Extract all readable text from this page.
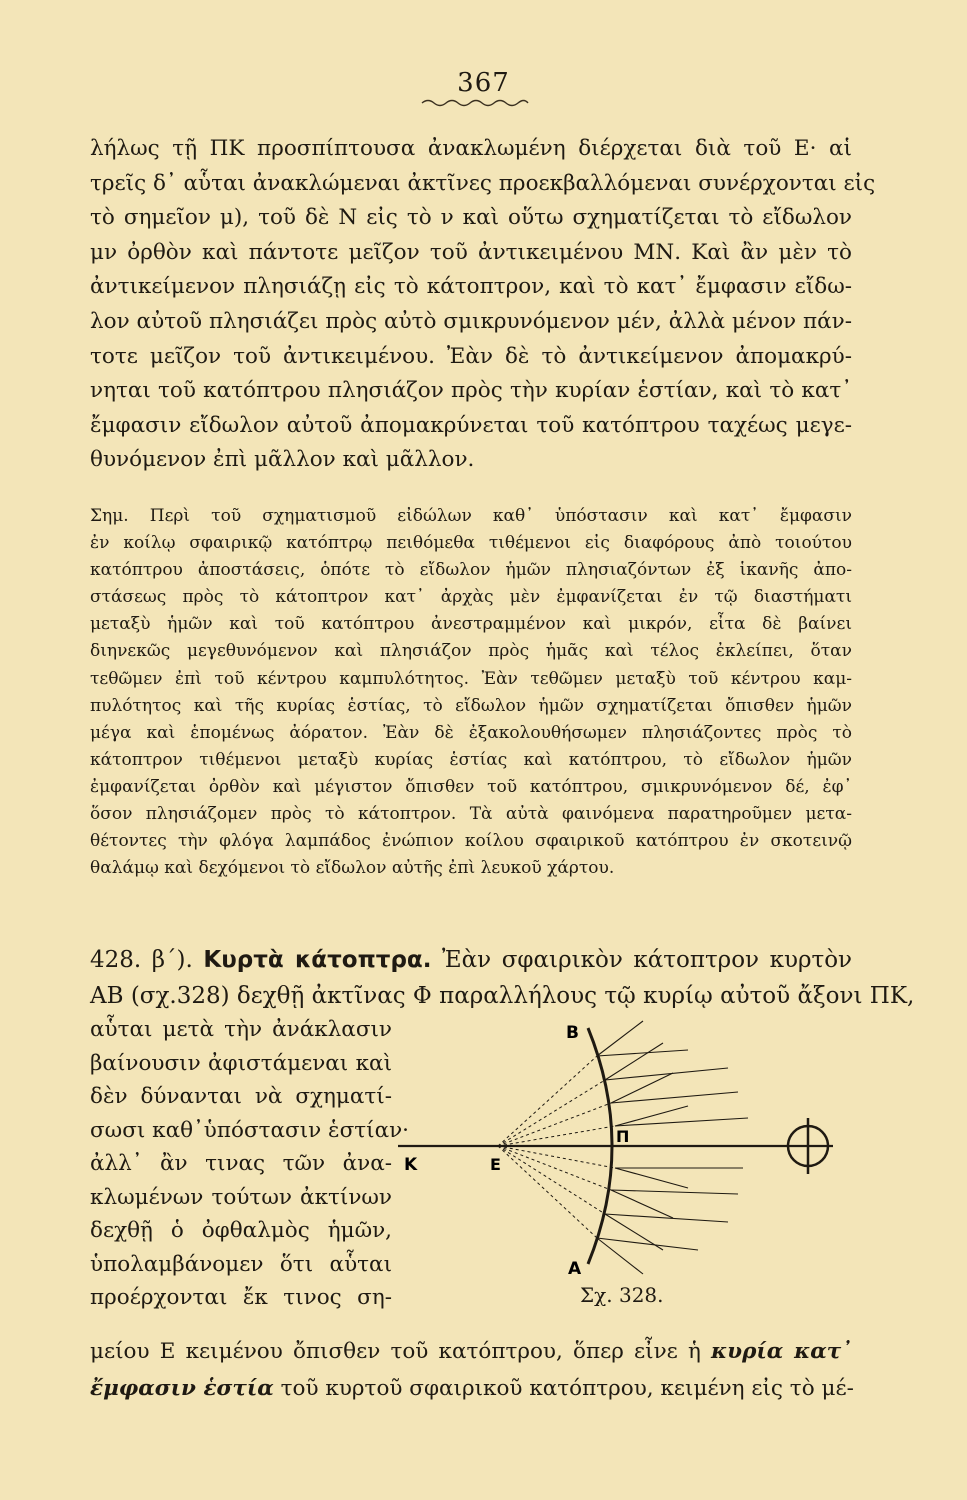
367
λήλως τῇ ΠΚ προσπίπτουσα ἀνακλωμένη διέρχεται διὰ τοῦ Ε· αἱ
τρεῖς δ᾽ αὗται ἀνακλώμεναι ἀκτῖνες προεκβαλλόμεναι συνέρχονται εἰς
τὸ σημεῖον μ), τοῦ δὲ Ν εἰς τὸ ν καὶ οὕτω σχηματίζεται τὸ εἴδωλον
μν ὀρθὸν καὶ πάντοτε μεῖζον τοῦ ἀντικειμένου ΜΝ. Καὶ ἂν μὲν τὸ
ἀντικείμενον πλησιάζῃ εἰς τὸ κάτοπτρον, καὶ τὸ κατ᾽ ἔμφασιν εἴδω-
λον αὐτοῦ πλησιάζει πρὸς αὐτὸ σμικρυνόμενον μέν, ἀλλὰ μένον πάν-
τοτε μεῖζον τοῦ ἀντικειμένου. Ἐὰν δὲ τὸ ἀντικείμενον ἀπομακρύ-
νηται τοῦ κατόπτρου πλησιάζον πρὸς τὴν κυρίαν ἑστίαν, καὶ τὸ κατ᾽
ἔμφασιν εἴδωλον αὐτοῦ ἀπομακρύνεται τοῦ κατόπτρου ταχέως μεγε-
θυνόμενον ἐπὶ μᾶλλον καὶ μᾶλλον.
Σημ. Περὶ τοῦ σχηματισμοῦ εἰδώλων καθ᾽ ὑπόστασιν καὶ κατ᾽ ἔμφασιν
ἐν κοίλῳ σφαιρικῷ κατόπτρῳ πειθόμεθα τιθέμενοι εἰς διαφόρους ἀπὸ τοιούτου
κατόπτρου ἀποστάσεις, ὁπότε τὸ εἴδωλον ἡμῶν πλησιαζόντων ἐξ ἱκανῆς ἀπο-
στάσεως πρὸς τὸ κάτοπτρον κατ᾽ ἀρχὰς μὲν ἐμφανίζεται ἐν τῷ διαστήματι
μεταξὺ ἡμῶν καὶ τοῦ κατόπτρου ἀνεστραμμένον καὶ μικρόν, εἶτα δὲ βαίνει
διηνεκῶς μεγεθυνόμενον καὶ πλησιάζον πρὸς ἡμᾶς καὶ τέλος ἐκλείπει, ὅταν
τεθῶμεν ἐπὶ τοῦ κέντρου καμπυλότητος. Ἐὰν τεθῶμεν μεταξὺ τοῦ κέντρου καμ-
πυλότητος καὶ τῆς κυρίας ἑστίας, τὸ εἴδωλον ἡμῶν σχηματίζεται ὄπισθεν ἡμῶν
μέγα καὶ ἑπομένως ἀόρατον. Ἐὰν δὲ ἐξακολουθήσωμεν πλησιάζοντες πρὸς τὸ
κάτοπτρον τιθέμενοι μεταξὺ κυρίας ἑστίας καὶ κατόπτρου, τὸ εἴδωλον ἡμῶν
ἐμφανίζεται ὀρθὸν καὶ μέγιστον ὄπισθεν τοῦ κατόπτρου, σμικρυνόμενον δέ, ἐφ᾽
ὅσον πλησιάζομεν πρὸς τὸ κάτοπτρον. Τὰ αὐτὰ φαινόμενα παρατηροῦμεν μετα-
θέτοντες τὴν φλόγα λαμπάδος ἐνώπιον κοίλου σφαιρικοῦ κατόπτρου ἐν σκοτεινῷ
θαλάμῳ καὶ δεχόμενοι τὸ εἴδωλον αὐτῆς ἐπὶ λευκοῦ χάρτου.
428. β΄). Κυρτὰ κάτοπτρα. Ἐὰν σφαιρικὸν κάτοπτρον κυρτὸν
ΑΒ (σχ.328) δεχθῇ ἀκτῖνας Φ παραλλήλους τῷ κυρίῳ αὐτοῦ ἄξονι ΠΚ,
αὗται μετὰ τὴν ἀνάκλασιν
βαίνουσιν ἀφιστάμεναι καὶ
δὲν δύνανται νὰ σχηματί-
σωσι καθ᾽ὑπόστασιν ἑστίαν·
ἀλλ᾽ ἂν τινας τῶν ἀνα-
κλωμένων τούτων ἀκτίνων
δεχθῇ ὁ ὀφθαλμὸς ἡμῶν,
ὑπολαμβάνομεν ὅτι αὗται
προέρχονται ἔκ τινος ση-
B
K	E
П
A
Σχ. 328.
μείου Ε κειμένου ὄπισθεν τοῦ κατόπτρου, ὅπερ εἶνε ἡ κυρία κατ᾽
ἔμφασιν ἑστία τοῦ κυρτοῦ σφαιρικοῦ κατόπτρου, κειμένη εἰς τὸ μέ-
